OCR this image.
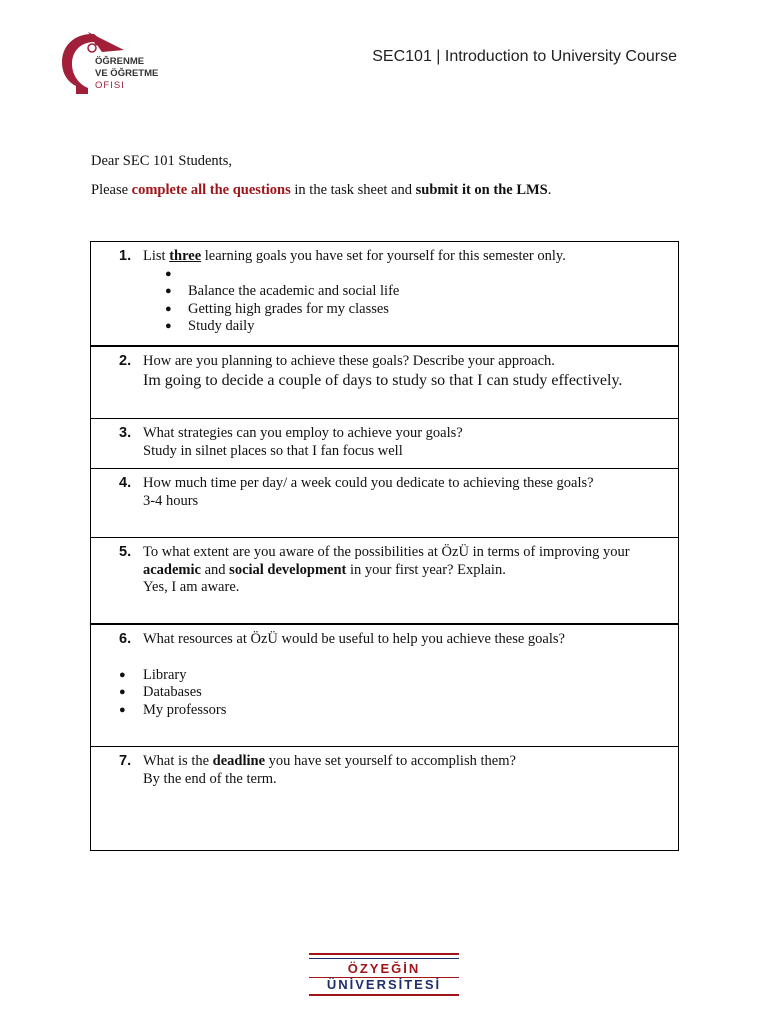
ÖĞRENME
VE ÖĞRETME
OFISI
SEC101 | Introduction to University Course
Dear SEC 101 Students,
Please complete all the questions in the task sheet and submit it on the LMS.
1. List three learning goals you have set for yourself for this semester only.
●
● Balance the academic and social life
● Getting high grades for my classes
● Study daily

2. How are you planning to achieve these goals? Describe your approach.
Im going to decide a couple of days to study so that I can study effectively.

3. What strategies can you employ to achieve your goals?
Study in silnet places so that I fan focus well

4. How much time per day/ a week could you dedicate to achieving these goals?
3-4 hours

5. To what extent are you aware of the possibilities at ÖzÜ in terms of improving your
academic and social development in your first year? Explain.
Yes, I am aware.

6. What resources at ÖzÜ would be useful to help you achieve these goals?
● Library
● Databases
● My professors

7. What is the deadline you have set yourself to accomplish them?
By the end of the term.
ÖZYEĞİN
ÜNİVERSİTESİ
